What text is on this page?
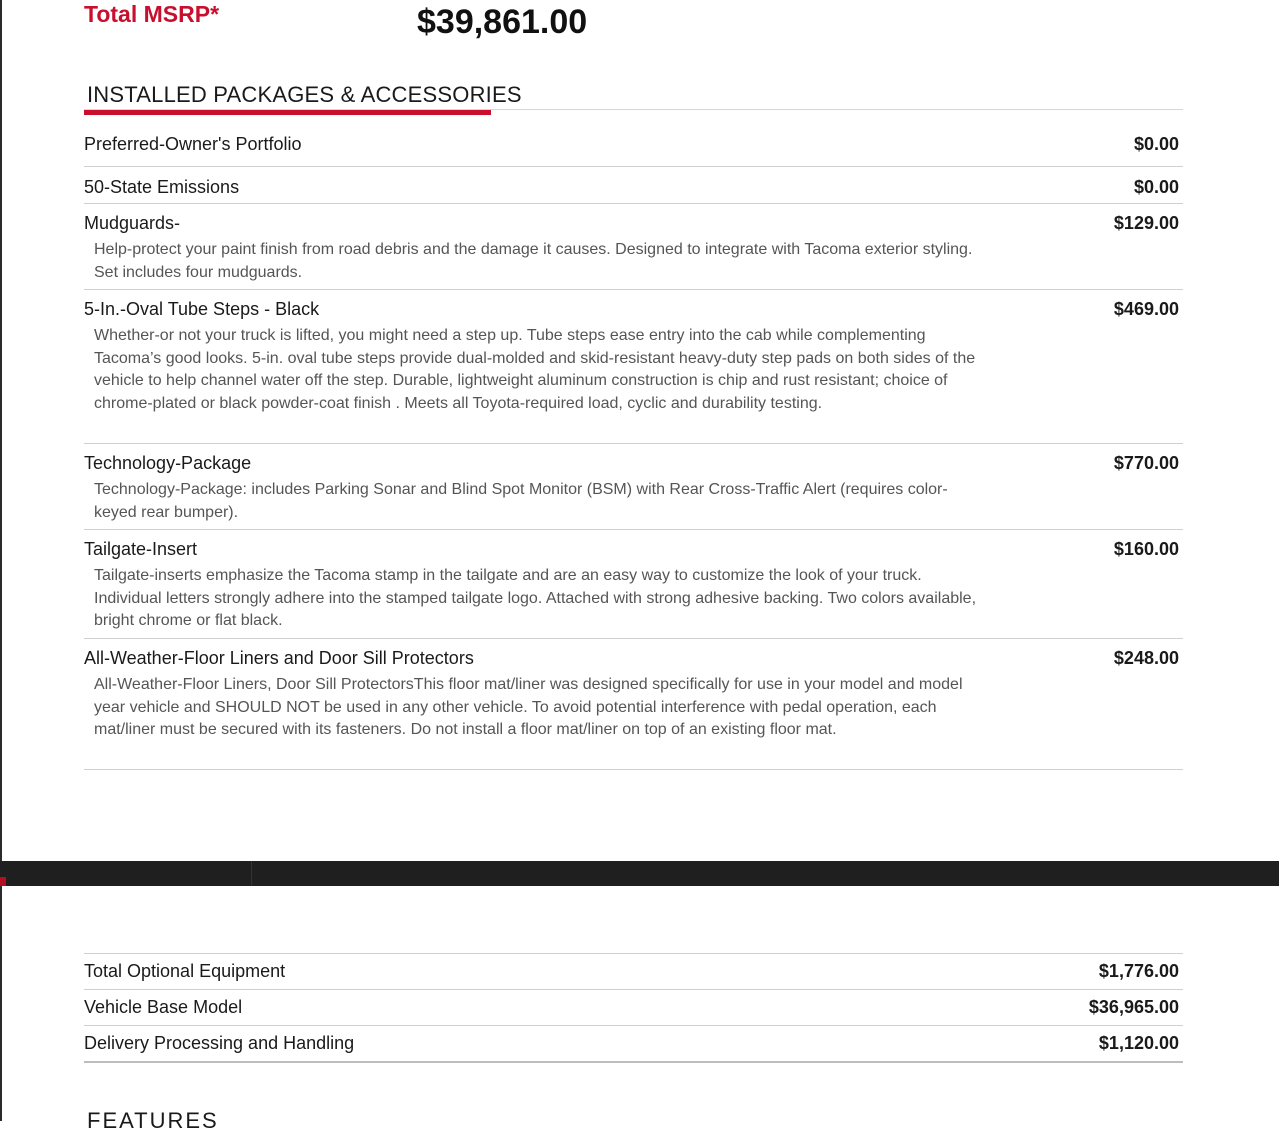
Total MSRP*	$39,861.00
INSTALLED PACKAGES & ACCESSORIES
Preferred-Owner's Portfolio	$0.00
50-State Emissions	$0.00
Mudguards-	$129.00
Help-protect your paint finish from road debris and the damage it causes. Designed to integrate with Tacoma exterior styling. Set includes four mudguards.
5-In.-Oval Tube Steps - Black	$469.00
Whether-or not your truck is lifted, you might need a step up. Tube steps ease entry into the cab while complementing Tacoma’s good looks. 5-in. oval tube steps provide dual-molded and skid-resistant heavy-duty step pads on both sides of the vehicle to help channel water off the step. Durable, lightweight aluminum construction is chip and rust resistant; choice of chrome-plated or black powder-coat finish . Meets all Toyota-required load, cyclic and durability testing.
Technology-Package	$770.00
Technology-Package: includes Parking Sonar and Blind Spot Monitor (BSM) with Rear Cross-Traffic Alert (requires color-keyed rear bumper).
Tailgate-Insert	$160.00
Tailgate-inserts emphasize the Tacoma stamp in the tailgate and are an easy way to customize the look of your truck. Individual letters strongly adhere into the stamped tailgate logo. Attached with strong adhesive backing. Two colors available, bright chrome or flat black.
All-Weather-Floor Liners and Door Sill Protectors	$248.00
All-Weather-Floor Liners, Door Sill ProtectorsThis floor mat/liner was designed specifically for use in your model and model year vehicle and SHOULD NOT be used in any other vehicle. To avoid potential interference with pedal operation, each mat/liner must be secured with its fasteners. Do not install a floor mat/liner on top of an existing floor mat.
Total Optional Equipment	$1,776.00
Vehicle Base Model	$36,965.00
Delivery Processing and Handling	$1,120.00
FEATURES
